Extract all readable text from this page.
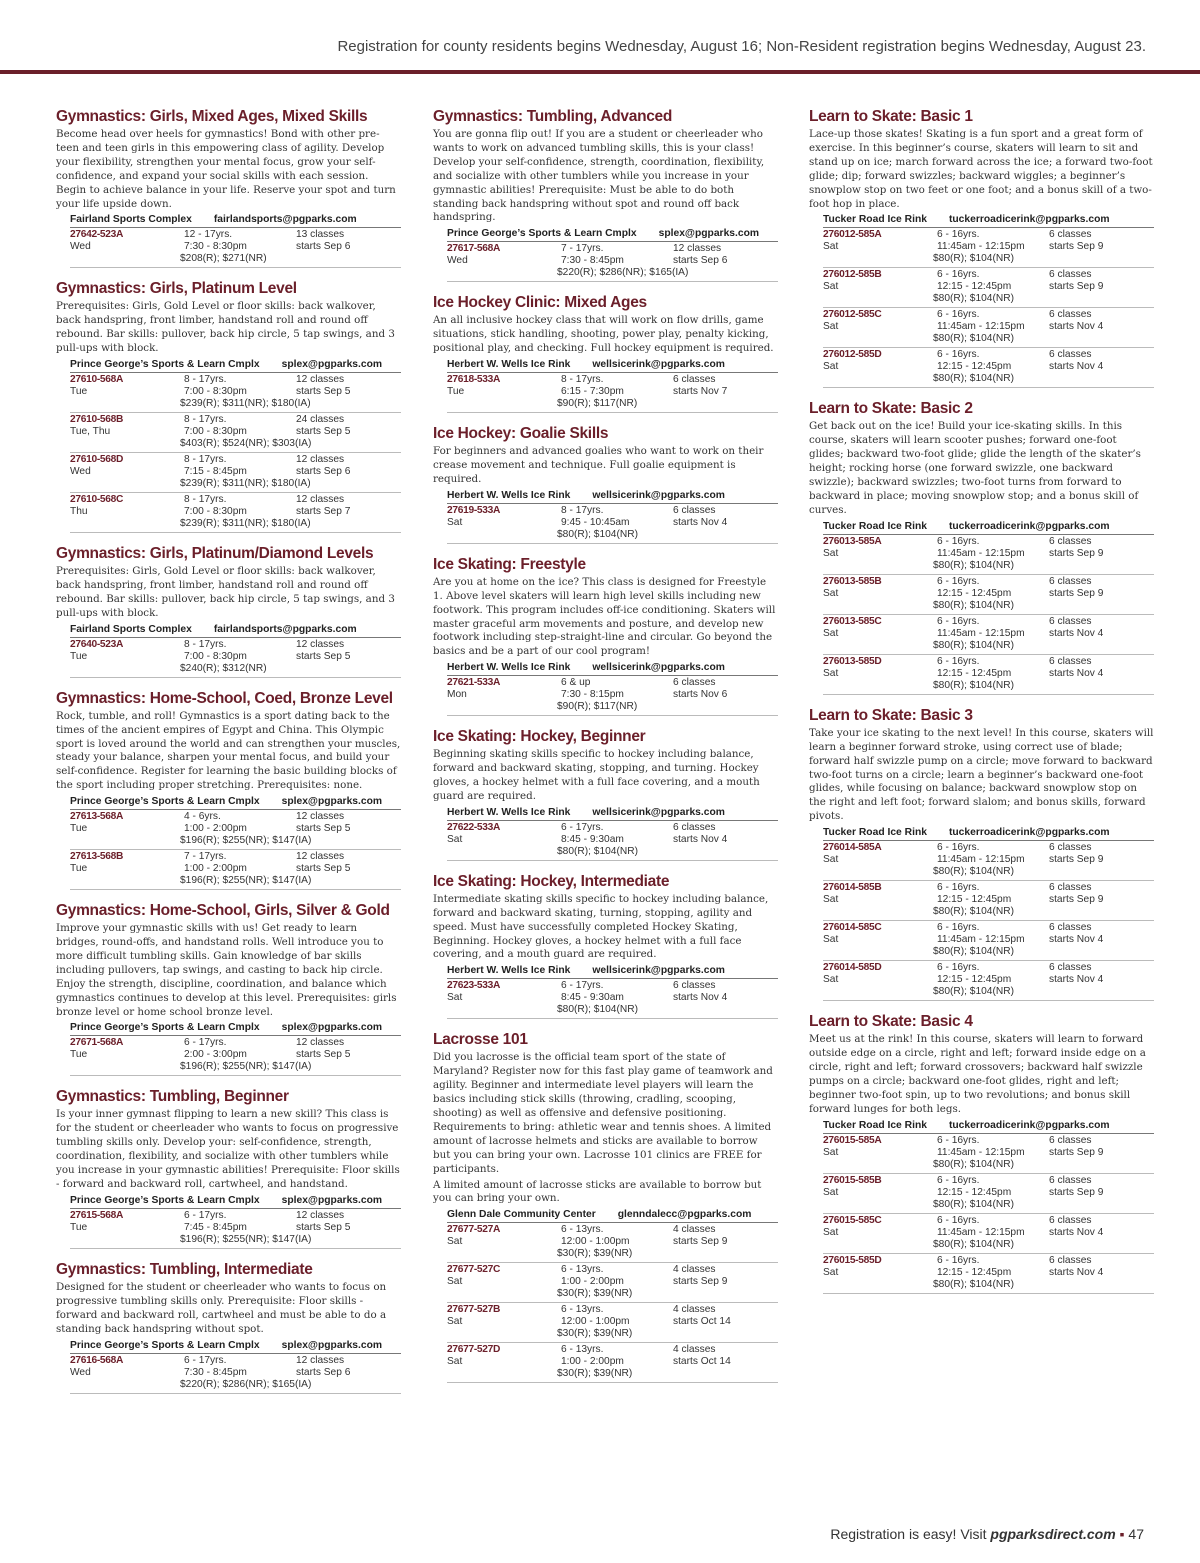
Registration for county residents begins Wednesday, August 16; Non-Resident registration begins Wednesday, August 23.
Gymnastics: Girls, Mixed Ages, Mixed Skills

Become head over heels for gymnastics! Bond with other pre-teen and teen girls in this empowering class of agility. Develop your flexibility, strengthen your mental focus, grow your self-confidence, and expand your social skills with each session. Begin to achieve balance in your life. Reserve your spot and turn your life upside down.

Fairland Sports Complex fairlandsports@pgparks.com
27642-523A
Wed
12 - 17yrs.
7:30 - 8:30pm
$208(R); $271(NR)
13 classes
starts Sep 6
Gymnastics: Girls, Platinum Level

Prerequisites: Girls, Gold Level or floor skills: back walkover, back handspring, front limber, handstand roll and round off rebound. Bar skills: pullover, back hip circle, 5 tap swings, and 3 pull-ups with block.

Prince George’s Sports & Learn Cmplx splex@pgparks.com
27610-568A
Tue
8 - 17yrs.
7:00 - 8:30pm
$239(R); $311(NR); $180(IA)
12 classes
starts Sep 5
27610-568B
Tue, Thu
8 - 17yrs.
7:00 - 8:30pm
$403(R); $524(NR); $303(IA)
24 classes
starts Sep 5
27610-568D
Wed
8 - 17yrs.
7:15 - 8:45pm
$239(R); $311(NR); $180(IA)
12 classes
starts Sep 6
27610-568C
Thu
8 - 17yrs.
7:00 - 8:30pm
$239(R); $311(NR); $180(IA)
12 classes
starts Sep 7
Gymnastics: Girls, Platinum/Diamond Levels

Prerequisites: Girls, Gold Level or floor skills: back walkover, back handspring, front limber, handstand roll and round off rebound. Bar skills: pullover, back hip circle, 5 tap swings, and 3 pull-ups with block.

Fairland Sports Complex fairlandsports@pgparks.com
27640-523A
Tue
8 - 17yrs.
7:00 - 8:30pm
$240(R); $312(NR)
12 classes
starts Sep 5
Gymnastics: Home-School, Coed, Bronze Level

Rock, tumble, and roll! Gymnastics is a sport dating back to the times of the ancient empires of Egypt and China. This Olympic sport is loved around the world and can strengthen your muscles, steady your balance, sharpen your mental focus, and build your self-confidence. Register for learning the basic building blocks of the sport including proper stretching. Prerequisites: none.

Prince George’s Sports & Learn Cmplx splex@pgparks.com
27613-568A
Tue
4 - 6yrs.
1:00 - 2:00pm
$196(R); $255(NR); $147(IA)
12 classes
starts Sep 5
27613-568B
Tue
7 - 17yrs.
1:00 - 2:00pm
$196(R); $255(NR); $147(IA)
12 classes
starts Sep 5
Gymnastics: Home-School, Girls, Silver & Gold

Improve your gymnastic skills with us! Get ready to learn bridges, round-offs, and handstand rolls. Well introduce you to more difficult tumbling skills. Gain knowledge of bar skills including pullovers, tap swings, and casting to back hip circle. Enjoy the strength, discipline, coordination, and balance which gymnastics continues to develop at this level. Prerequisites: girls bronze level or home school bronze level.

Prince George’s Sports & Learn Cmplx splex@pgparks.com
27671-568A
Tue
6 - 17yrs.
2:00 - 3:00pm
$196(R); $255(NR); $147(IA)
12 classes
starts Sep 5
Gymnastics: Tumbling, Beginner

Is your inner gymnast flipping to learn a new skill? This class is for the student or cheerleader who wants to focus on progressive tumbling skills only. Develop your: self-confidence, strength, coordination, flexibility, and socialize with other tumblers while you increase in your gymnastic abilities! Prerequisite: Floor skills - forward and backward roll, cartwheel, and handstand.

Prince George’s Sports & Learn Cmplx splex@pgparks.com
27615-568A
Tue
6 - 17yrs.
7:45 - 8:45pm
$196(R); $255(NR); $147(IA)
12 classes
starts Sep 5
Gymnastics: Tumbling, Intermediate

Designed for the student or cheerleader who wants to focus on progressive tumbling skills only. Prerequisite: Floor skills - forward and backward roll, cartwheel and must be able to do a standing back handspring without spot.

Prince George’s Sports & Learn Cmplx splex@pgparks.com
27616-568A
Wed
6 - 17yrs.
7:30 - 8:45pm
$220(R); $286(NR); $165(IA)
12 classes
starts Sep 6
Gymnastics: Tumbling, Advanced

You are gonna flip out! If you are a student or cheerleader who wants to work on advanced tumbling skills, this is your class! Develop your self-confidence, strength, coordination, flexibility, and socialize with other tumblers while you increase in your gymnastic abilities! Prerequisite: Must be able to do both standing back handspring without spot and round off back handspring.

Prince George’s Sports & Learn Cmplx splex@pgparks.com
27617-568A
Wed
7 - 17yrs.
7:30 - 8:45pm
$220(R); $286(NR); $165(IA)
12 classes
starts Sep 6
Ice Hockey Clinic: Mixed Ages

An all inclusive hockey class that will work on flow drills, game situations, stick handling, shooting, power play, penalty kicking, positional play, and checking. Full hockey equipment is required.

Herbert W. Wells Ice Rink wellsicerink@pgparks.com
27618-533A
Tue
8 - 17yrs.
6:15 - 7:30pm
$90(R); $117(NR)
6 classes
starts Nov 7
Ice Hockey: Goalie Skills

For beginners and advanced goalies who want to work on their crease movement and technique. Full goalie equipment is required.

Herbert W. Wells Ice Rink wellsicerink@pgparks.com
27619-533A
Sat
8 - 17yrs.
9:45 - 10:45am
$80(R); $104(NR)
6 classes
starts Nov 4
Ice Skating: Freestyle

Are you at home on the ice? This class is designed for Freestyle 1. Above level skaters will learn high level skills including new footwork. This program includes off-ice conditioning. Skaters will master graceful arm movements and posture, and develop new footwork including step-straight-line and circular. Go beyond the basics and be a part of our cool program!

Herbert W. Wells Ice Rink wellsicerink@pgparks.com
27621-533A
Mon
6 & up
7:30 - 8:15pm
$90(R); $117(NR)
6 classes
starts Nov 6
Ice Skating: Hockey, Beginner

Beginning skating skills specific to hockey including balance, forward and backward skating, stopping, and turning. Hockey gloves, a hockey helmet with a full face covering, and a mouth guard are required.

Herbert W. Wells Ice Rink wellsicerink@pgparks.com
27622-533A
Sat
6 - 17yrs.
8:45 - 9:30am
$80(R); $104(NR)
6 classes
starts Nov 4
Ice Skating: Hockey, Intermediate

Intermediate skating skills specific to hockey including balance, forward and backward skating, turning, stopping, agility and speed. Must have successfully completed Hockey Skating, Beginning. Hockey gloves, a hockey helmet with a full face covering, and a mouth guard are required.

Herbert W. Wells Ice Rink wellsicerink@pgparks.com
27623-533A
Sat
6 - 17yrs.
8:45 - 9:30am
$80(R); $104(NR)
6 classes
starts Nov 4
Lacrosse 101

Did you lacrosse is the official team sport of the state of Maryland? Register now for this fast play game of teamwork and agility. Beginner and intermediate level players will learn the basics including stick skills (throwing, cradling, scooping, shooting) as well as offensive and defensive positioning. Requirements to bring: athletic wear and tennis shoes. A limited amount of lacrosse helmets and sticks are available to borrow but you can bring your own. Lacrosse 101 clinics are FREE for participants.

A limited amount of lacrosse sticks are available to borrow but you can bring your own.

Glenn Dale Community Center glenndalecc@pgparks.com
27677-527A
Sat
6 - 13yrs.
12:00 - 1:00pm
$30(R); $39(NR)
4 classes
starts Sep 9
27677-527C
Sat
6 - 13yrs.
1:00 - 2:00pm
$30(R); $39(NR)
4 classes
starts Sep 9
27677-527B
Sat
6 - 13yrs.
12:00 - 1:00pm
$30(R); $39(NR)
4 classes
starts Oct 14
27677-527D
Sat
6 - 13yrs.
1:00 - 2:00pm
$30(R); $39(NR)
4 classes
starts Oct 14
Learn to Skate: Basic 1

Lace-up those skates! Skating is a fun sport and a great form of exercise. In this beginner’s course, skaters will learn to sit and stand up on ice; march forward across the ice; a forward two-foot glide; dip; forward swizzles; backward wiggles; a beginner’s snowplow stop on two feet or one foot; and a bonus skill of a two-foot hop in place.

Tucker Road Ice Rink tuckerroadicerink@pgparks.com
276012-585A
Sat
6 - 16yrs.
11:45am - 12:15pm
$80(R); $104(NR)
6 classes
starts Sep 9
276012-585B
Sat
6 - 16yrs.
12:15 - 12:45pm
$80(R); $104(NR)
6 classes
starts Sep 9
276012-585C
Sat
6 - 16yrs.
11:45am - 12:15pm
$80(R); $104(NR)
6 classes
starts Nov 4
276012-585D
Sat
6 - 16yrs.
12:15 - 12:45pm
$80(R); $104(NR)
6 classes
starts Nov 4
Learn to Skate: Basic 2

Get back out on the ice! Build your ice-skating skills. In this course, skaters will learn scooter pushes; forward one-foot glides; backward two-foot glide; glide the length of the skater’s height; rocking horse (one forward swizzle, one backward swizzle); backward swizzles; two-foot turns from forward to backward in place; moving snowplow stop; and a bonus skill of curves.

Tucker Road Ice Rink tuckerroadicerink@pgparks.com
276013-585A
Sat
6 - 16yrs.
11:45am - 12:15pm
$80(R); $104(NR)
6 classes
starts Sep 9
276013-585B
Sat
6 - 16yrs.
12:15 - 12:45pm
$80(R); $104(NR)
6 classes
starts Sep 9
276013-585C
Sat
6 - 16yrs.
11:45am - 12:15pm
$80(R); $104(NR)
6 classes
starts Nov 4
276013-585D
Sat
6 - 16yrs.
12:15 - 12:45pm
$80(R); $104(NR)
6 classes
starts Nov 4
Learn to Skate: Basic 3

Take your ice skating to the next level! In this course, skaters will learn a beginner forward stroke, using correct use of blade; forward half swizzle pump on a circle; move forward to backward two-foot turns on a circle; learn a beginner’s backward one-foot glides, while focusing on balance; backward snowplow stop on the right and left foot; forward slalom; and bonus skills, forward pivots.

Tucker Road Ice Rink tuckerroadicerink@pgparks.com
276014-585A
Sat
6 - 16yrs.
11:45am - 12:15pm
$80(R); $104(NR)
6 classes
starts Sep 9
276014-585B
Sat
6 - 16yrs.
12:15 - 12:45pm
$80(R); $104(NR)
6 classes
starts Sep 9
276014-585C
Sat
6 - 16yrs.
11:45am - 12:15pm
$80(R); $104(NR)
6 classes
starts Nov 4
276014-585D
Sat
6 - 16yrs.
12:15 - 12:45pm
$80(R); $104(NR)
6 classes
starts Nov 4
Learn to Skate: Basic 4

Meet us at the rink! In this course, skaters will learn to forward outside edge on a circle, right and left; forward inside edge on a circle, right and left; forward crossovers; backward half swizzle pumps on a circle; backward one-foot glides, right and left; beginner two-foot spin, up to two revolutions; and bonus skill forward lunges for both legs.

Tucker Road Ice Rink tuckerroadicerink@pgparks.com
276015-585A
Sat
6 - 16yrs.
11:45am - 12:15pm
$80(R); $104(NR)
6 classes
starts Sep 9
276015-585B
Sat
6 - 16yrs.
12:15 - 12:45pm
$80(R); $104(NR)
6 classes
starts Sep 9
276015-585C
Sat
6 - 16yrs.
11:45am - 12:15pm
$80(R); $104(NR)
6 classes
starts Nov 4
276015-585D
Sat
6 - 16yrs.
12:15 - 12:45pm
$80(R); $104(NR)
6 classes
starts Nov 4
Registration is easy! Visit pgparksdirect.com ▪ 47
